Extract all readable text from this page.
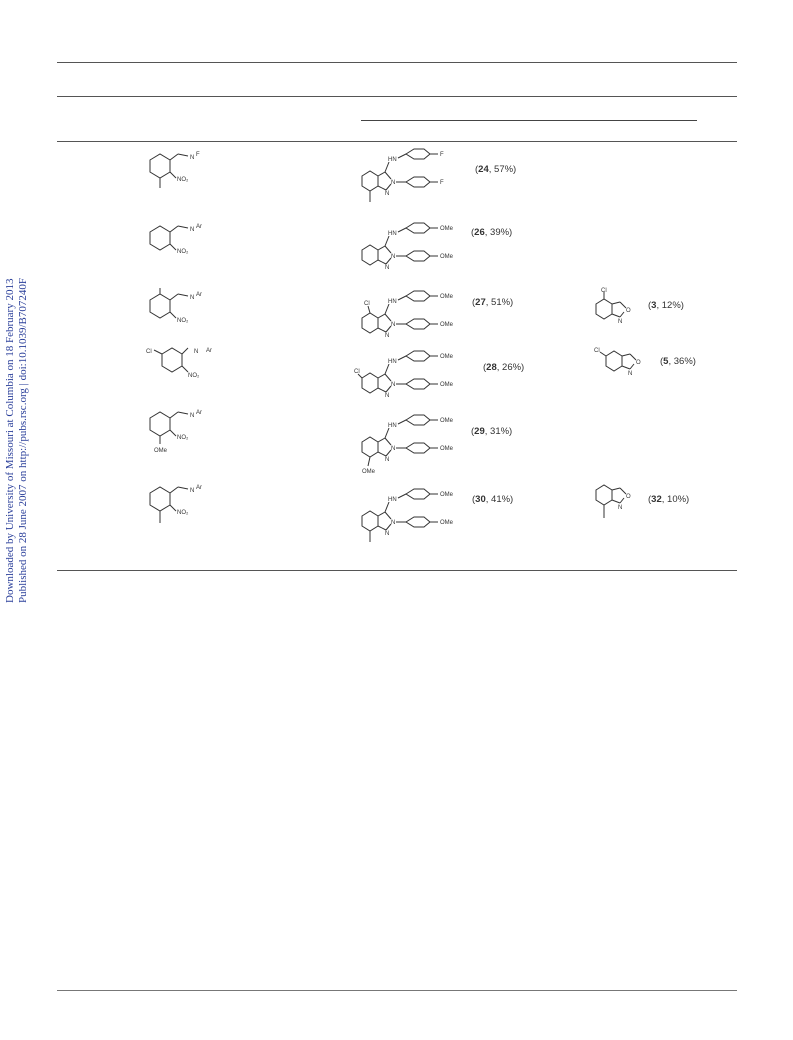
Downloaded by University of Missouri at Columbia on 18 February 2013 Published on 28 June 2007 on http://pubs.rsc.org | doi:10.1039/B707240F
N F
NO₂
N Ar
NO₂
N Ar
NO₂
Cl	N Ar
NO₂
N Ar
NO₂
OMe
N Ar
NO₂
HN
N
N
F
F
(24, 57%)
HN
N
N
OMe
OMe
(26, 39%)
HN
N
N
OMe
OMe
Cl	(27, 51%)
HN
N
N
OMe
OMe
Cl	(28, 26%)
HN
N
N
OMe
OMe
OMe
(29, 31%)
HN
N
N
OMe
OMe
(30, 41%)
Cl
O
N
(3, 12%)
Cl
O
N
(5, 36%)
O
N
(32, 10%)
